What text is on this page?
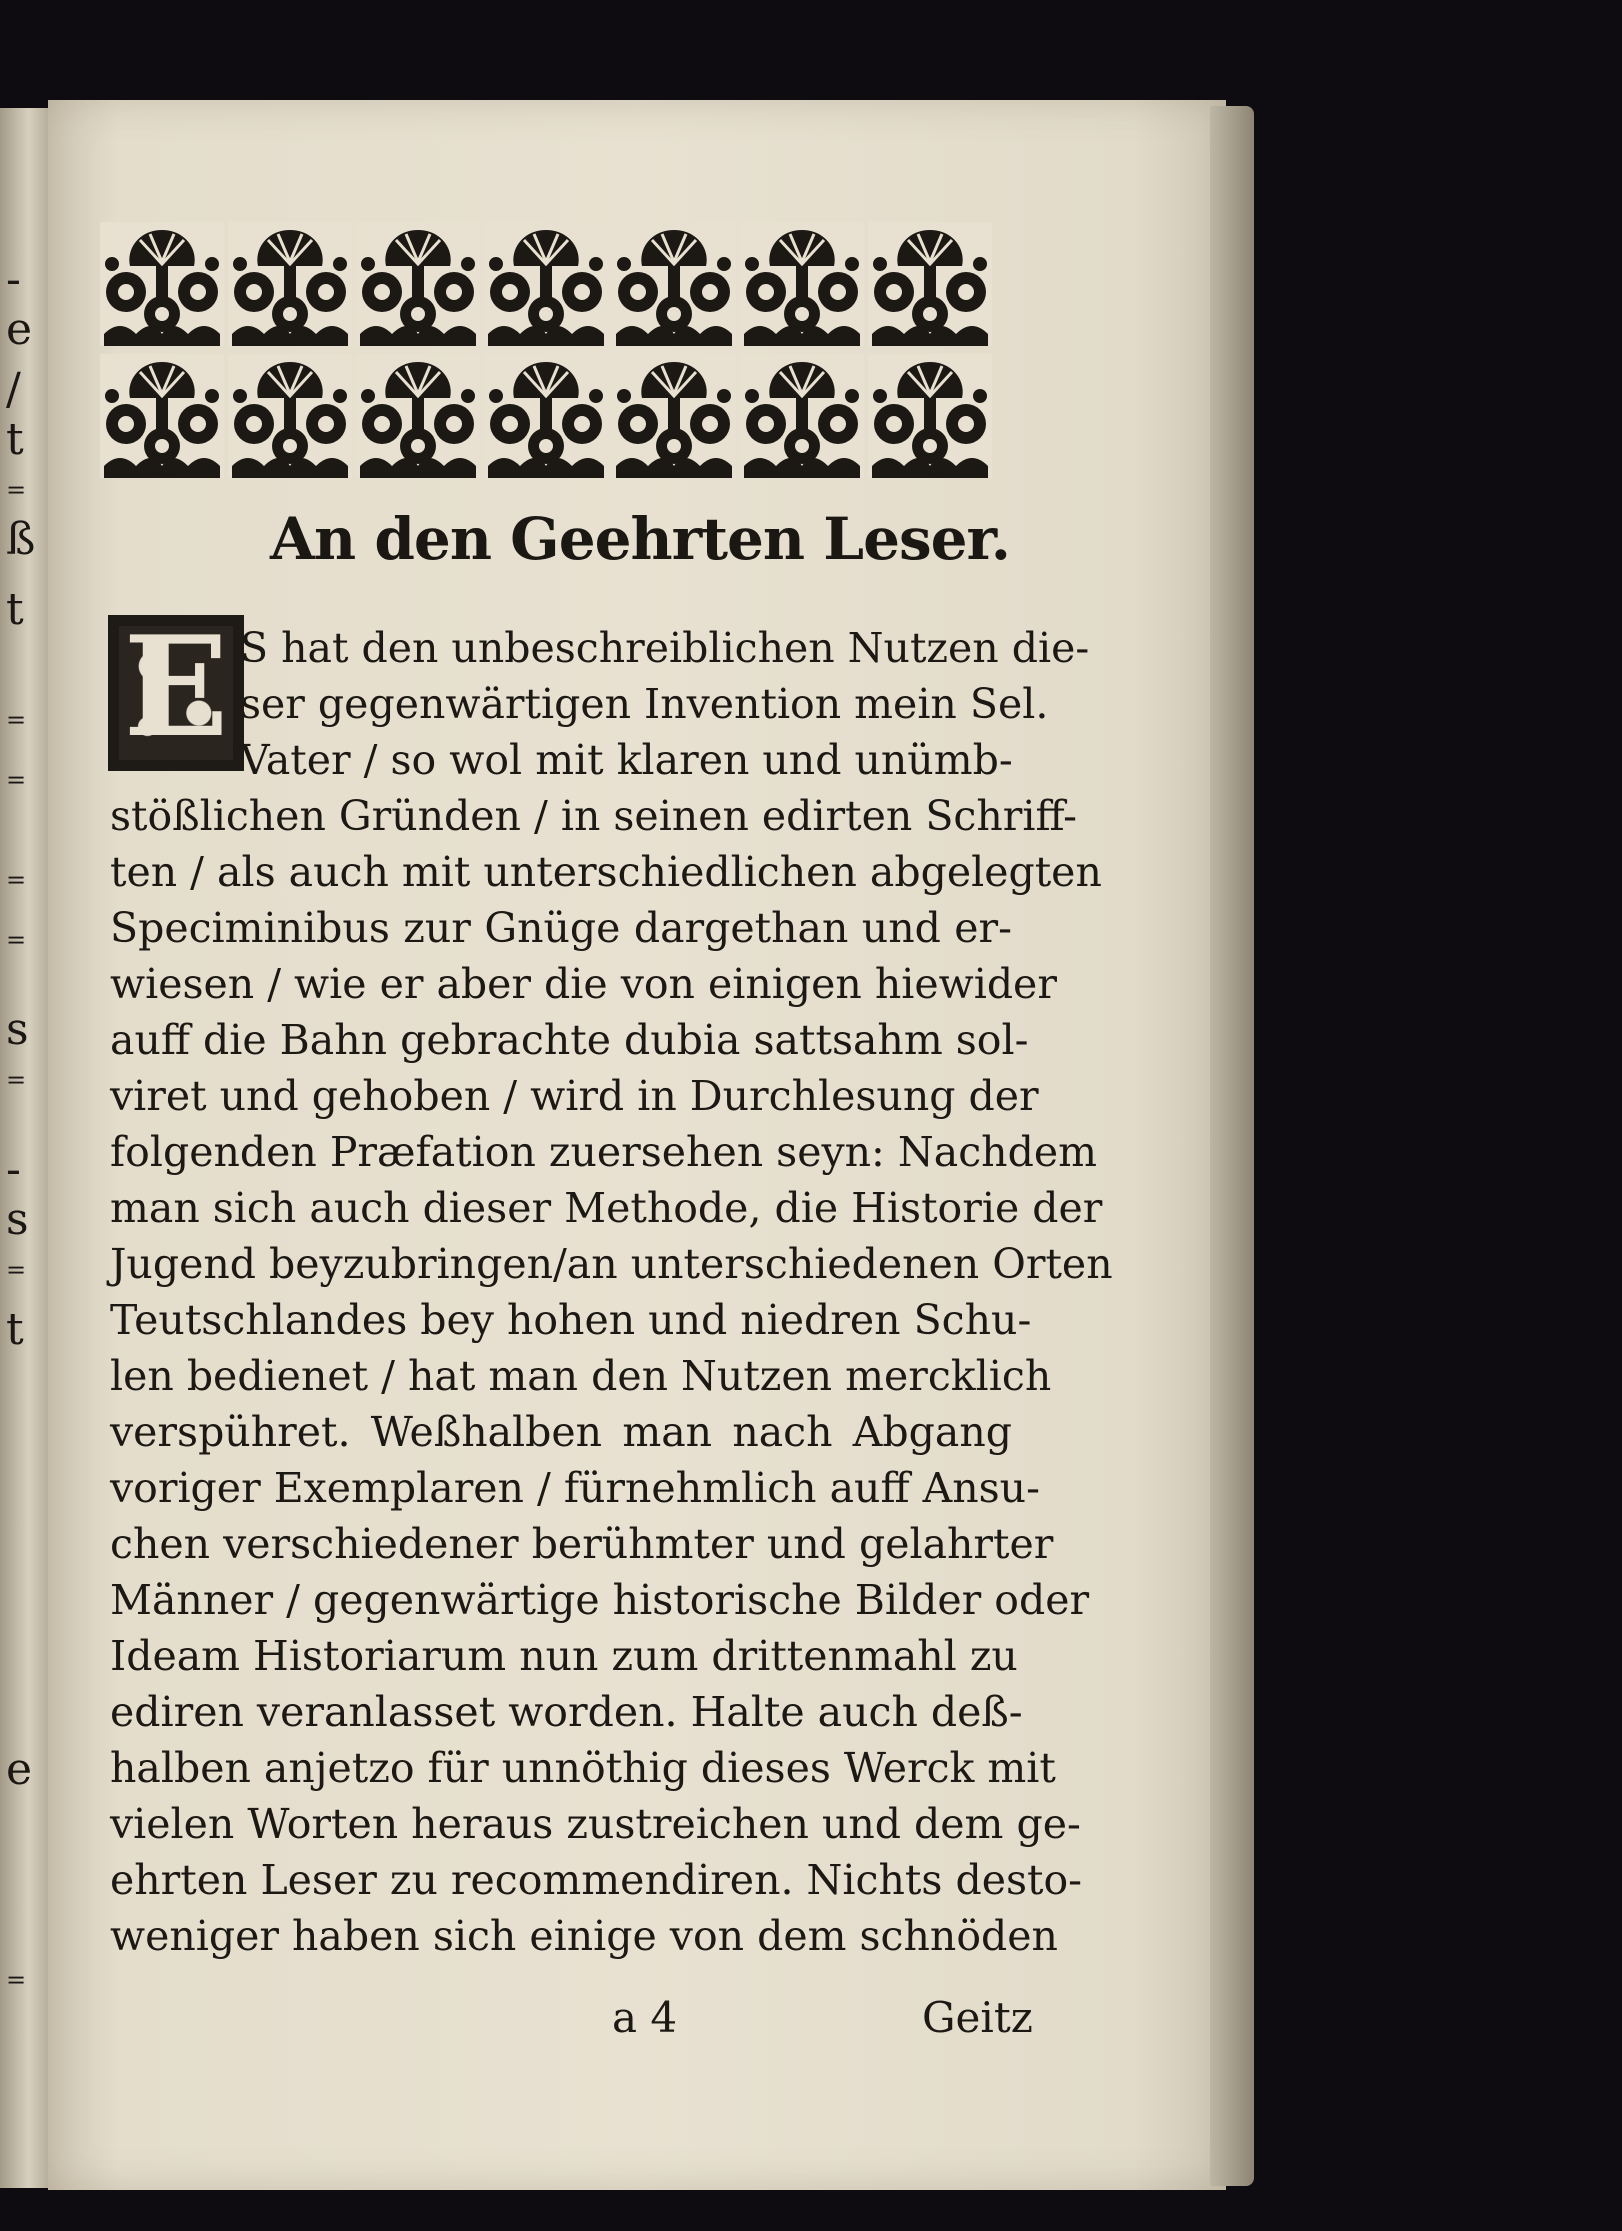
-
e
/
t
=
ß
t
=
=
=
=
s
=
-
s
=
t
e
=
An den Geehrten Leser.
E S hat den unbeschreiblichen Nutzen die-
ser gegenwärtigen Invention mein Sel.
Vater / so wol mit klaren und unümb-
stößlichen Gründen / in seinen edirten Schriff-
ten / als auch mit unterschiedlichen abgelegten
Speciminibus zur Gnüge dargethan und er-
wiesen / wie er aber die von einigen hiewider
auff die Bahn gebrachte dubia sattsahm sol-
viret und gehoben / wird in Durchlesung der
folgenden Præfation zuersehen seyn: Nachdem
man sich auch dieser Methode, die Historie der
Jugend beyzubringen/an unterschiedenen Orten
Teutschlandes bey hohen und niedren Schu-
len bedienet / hat man den Nutzen mercklich
verspühret. Weßhalben man nach Abgang
voriger Exemplaren / fürnehmlich auff Ansu-
chen verschiedener berühmter und gelahrter
Männer / gegenwärtige historische Bilder oder
Ideam Historiarum nun zum drittenmahl zu
ediren veranlasset worden. Halte auch deß-
halben anjetzo für unnöthig dieses Werck mit
vielen Worten heraus zustreichen und dem ge-
ehrten Leser zu recommendiren. Nichts desto-
weniger haben sich einige von dem schnöden
a 4	Geitz
